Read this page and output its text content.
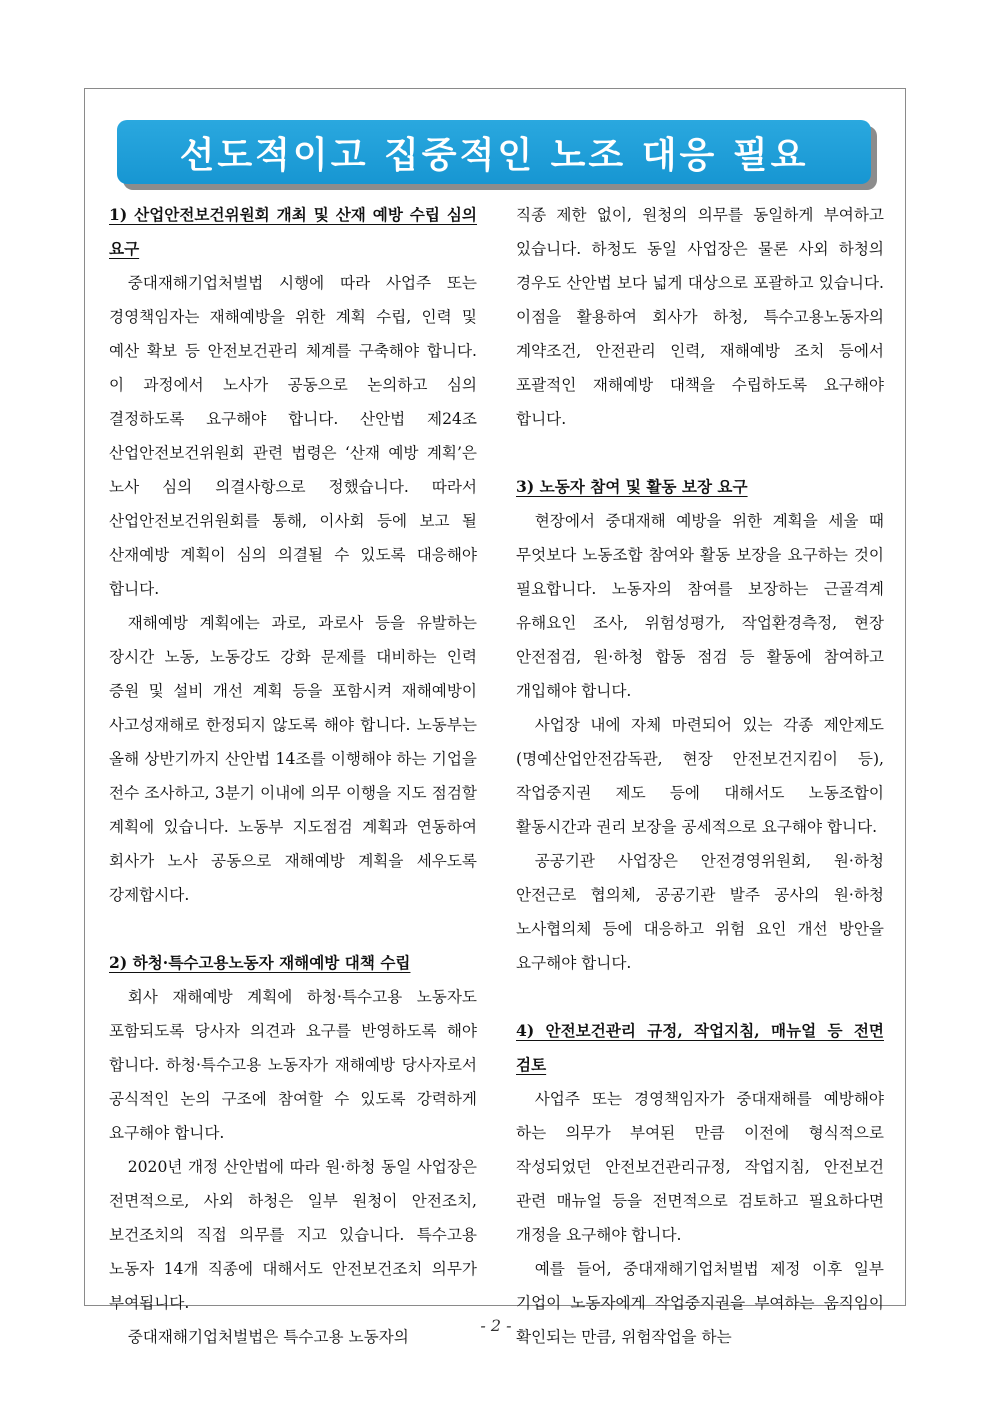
선도적이고 집중적인 노조 대응 필요
1) 산업안전보건위원회 개최 및 산재 예방 수립 심의 요구

중대재해기업처벌법 시행에 따라 사업주 또는 경영책임자는 재해예방을 위한 계획 수립, 인력 및 예산 확보 등 안전보건관리 체계를 구축해야 합니다. 이 과정에서 노사가 공동으로 논의하고 심의 결정하도록 요구해야 합니다. 산안법 제24조 산업안전보건위원회 관련 법령은 ‘산재 예방 계획’은 노사 심의 의결사항으로 정했습니다. 따라서 산업안전보건위원회를 통해, 이사회 등에 보고 될 산재예방 계획이 심의 의결될 수 있도록 대응해야 합니다.

재해예방 계획에는 과로, 과로사 등을 유발하는 장시간 노동, 노동강도 강화 문제를 대비하는 인력 증원 및 설비 개선 계획 등을 포함시켜 재해예방이 사고성재해로 한정되지 않도록 해야 합니다. 노동부는 올해 상반기까지 산안법 14조를 이행해야 하는 기업을 전수 조사하고, 3분기 이내에 의무 이행을 지도 점검할 계획에 있습니다. 노동부 지도점검 계획과 연동하여 회사가 노사 공동으로 재해예방 계획을 세우도록 강제합시다.

2) 하청·특수고용노동자 재해예방 대책 수립

회사 재해예방 계획에 하청·특수고용 노동자도 포함되도록 당사자 의견과 요구를 반영하도록 해야 합니다. 하청·특수고용 노동자가 재해예방 당사자로서 공식적인 논의 구조에 참여할 수 있도록 강력하게 요구해야 합니다.

2020년 개정 산안법에 따라 원·하청 동일 사업장은 전면적으로, 사외 하청은 일부 원청이 안전조치, 보건조치의 직접 의무를 지고 있습니다. 특수고용 노동자 14개 직종에 대해서도 안전보건조치 의무가 부여됩니다.

중대재해기업처벌법은 특수고용 노동자의

직종 제한 없이, 원청의 의무를 동일하게 부여하고 있습니다. 하청도 동일 사업장은 물론 사외 하청의 경우도 산안법 보다 넓게 대상으로 포괄하고 있습니다. 이점을 활용하여 회사가 하청, 특수고용노동자의 계약조건, 안전관리 인력, 재해예방 조치 등에서 포괄적인 재해예방 대책을 수립하도록 요구해야 합니다.

3) 노동자 참여 및 활동 보장 요구

현장에서 중대재해 예방을 위한 계획을 세울 때 무엇보다 노동조합 참여와 활동 보장을 요구하는 것이 필요합니다. 노동자의 참여를 보장하는 근골격계 유해요인 조사, 위험성평가, 작업환경측정, 현장 안전점검, 원·하청 합동 점검 등 활동에 참여하고 개입해야 합니다.

사업장 내에 자체 마련되어 있는 각종 제안제도(명예산업안전감독관, 현장 안전보건지킴이 등), 작업중지권 제도 등에 대해서도 노동조합이 활동시간과 권리 보장을 공세적으로 요구해야 합니다.

공공기관 사업장은 안전경영위원회, 원·하청 안전근로 협의체, 공공기관 발주 공사의 원·하청 노사협의체 등에 대응하고 위험 요인 개선 방안을 요구해야 합니다.

4) 안전보건관리 규정, 작업지침, 매뉴얼 등 전면 검토

사업주 또는 경영책임자가 중대재해를 예방해야 하는 의무가 부여된 만큼 이전에 형식적으로 작성되었던 안전보건관리규정, 작업지침, 안전보건 관련 매뉴얼 등을 전면적으로 검토하고 필요하다면 개정을 요구해야 합니다.

예를 들어, 중대재해기업처벌법 제정 이후 일부 기업이 노동자에게 작업중지권을 부여하는 움직임이 확인되는 만큼, 위험작업을 하는

- 2 -
